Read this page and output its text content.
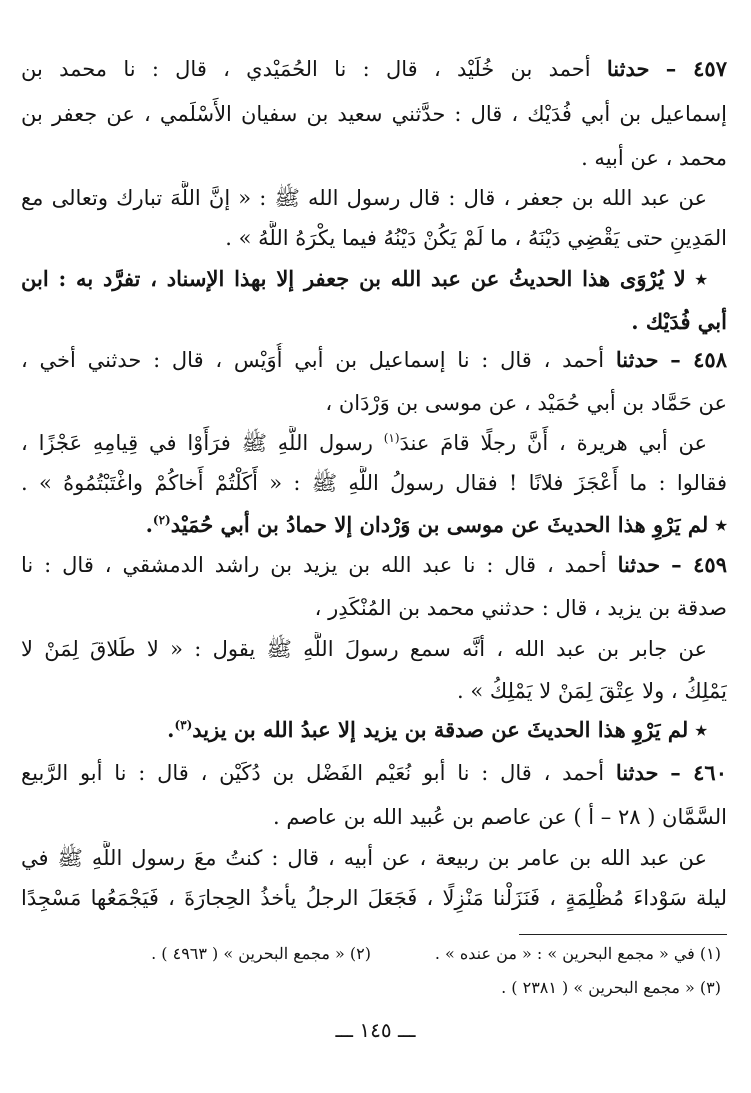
٤٥٧ – حدثنا أحمد بن خُلَيْد ، قال : نا الحُمَيْدي ، قال : نا محمد بن
إسماعيل بن أبي فُدَيْك ، قال : حدَّثني سعيد بن سفيان الأَسْلَمي ، عن جعفر بن
محمد ، عن أبيه .
عن عبد الله بن جعفر ، قال : قال رسول الله ﷺ : « إنَّ اللَّهَ تبارك وتعالى مع
المَدِينِ حتى يَقْضِي دَيْنَهُ ، ما لَمْ يَكُنْ دَيْنُهُ فيما يكْرَهُ اللَّهُ » .
٭ لا يُرْوَى هذا الحديثُ عن عبد الله بن جعفر إلا بهذا الإسناد ، تفرَّد به : ابن
أبي فُدَيْك .
٤٥٨ – حدثنا أحمد ، قال : نا إسماعيل بن أبي أُوَيْس ، قال : حدثني أخي ،
عن حَمَّاد بن أبي حُمَيْد ، عن موسى بن وَرْدَان ،
عن أبي هريرة ، أَنَّ رجلًا قامَ عندَ$^{(١)}$ رسول اللَّهِ ﷺ فرَأَوْا في قِيامِهِ عَجْزًا ،
فقالوا : ما أَعْجَزَ فلانًا ! فقال رسولُ اللَّهِ ﷺ : « أَكَلْتُمْ أَخاكُمْ واغْتَبْتُمُوهُ » .
٭ لم يَرْوِ هذا الحديثَ عن موسى بن وَرْدان إلا حمادُ بن أبي حُمَيْد$^{(٢)}$.
٤٥٩ – حدثنا أحمد ، قال : نا عبد الله بن يزيد بن راشد الدمشقي ، قال : نا
صدقة بن يزيد ، قال : حدثني محمد بن المُنْكَدِر ،
عن جابر بن عبد الله ، أنَّه سمع رسولَ اللَّهِ ﷺ يقول : « لا طَلاقَ لِمَنْ لا
يَمْلِكُ ، ولا عِتْقَ لِمَنْ لا يَمْلِكُ » .
٭ لم يَرْوِ هذا الحديثَ عن صدقة بن يزيد إلا عبدُ الله بن يزيد$^{(٣)}$.
٤٦٠ – حدثنا أحمد ، قال : نا أبو نُعَيْم الفَضْل بن دُكَيْن ، قال : نا أبو الرَّبيع
السَّمَّان ( ٢٨ – أ ) عن عاصم بن عُبيد الله بن عاصم .
عن عبد الله بن عامر بن ربيعة ، عن أبيه ، قال : كنتُ معَ رسول اللَّهِ ﷺ في
ليلة سَوْداءَ مُظْلِمَةٍ ، فَنَزَلْنا مَنْزِلًا ، فَجَعَلَ الرجلُ يأخذُ الحِجارَةَ ، فَيَجْمَعُها مَسْجِدًا
(١) في « مجمع البحرين » : « من عنده » .
(٢) « مجمع البحرين » ( ٤٩٦٣ ) .
(٣) « مجمع البحرين » ( ٢٣٨١ ) .
ـــ ١٤٥ ـــ
